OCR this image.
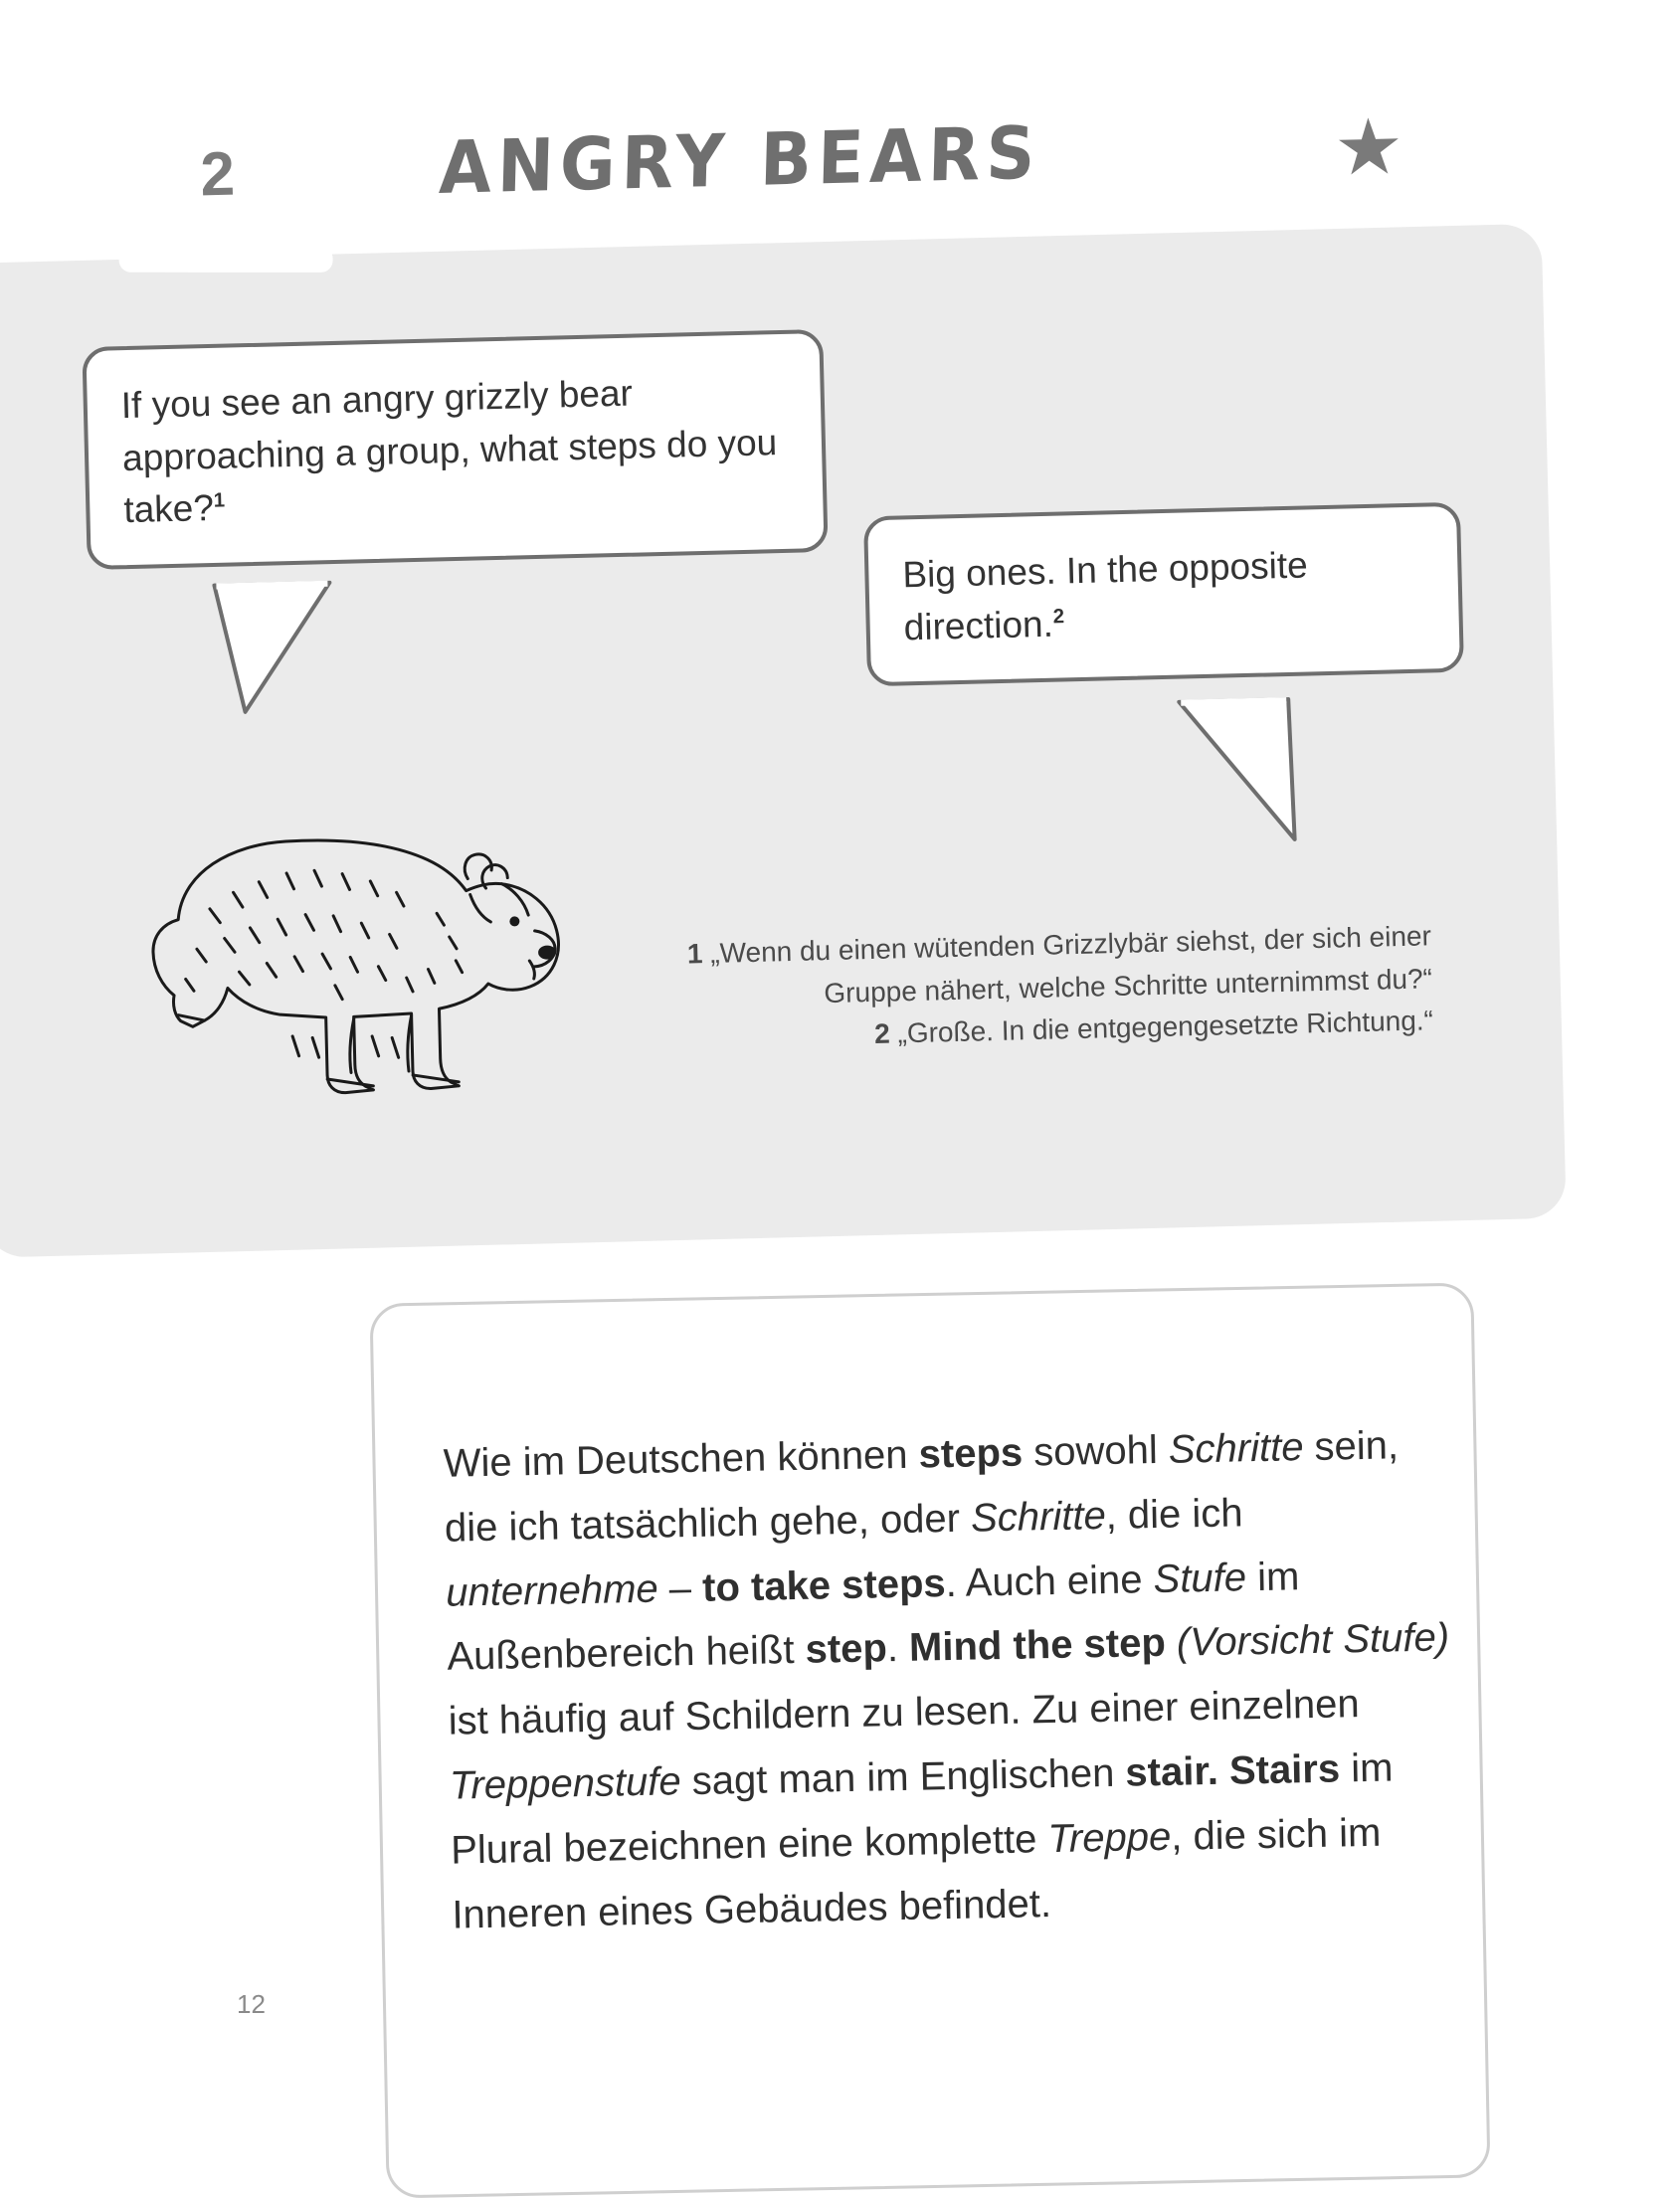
2	ANGRY BEARS	★
If you see an angry grizzly bear approaching a group, what steps do you take?$^1$
Big ones. In the opposite direction.$^2$
1 „Wenn du einen wütenden Grizzlybär siehst, der sich einer Gruppe nähert, welche Schritte unternimmst du?“
2 „Große. In die entgegengesetzte Richtung.“
Wie im Deutschen können steps sowohl Schritte sein, die ich tatsächlich gehe, oder Schritte, die ich unternehme – to take steps. Auch eine Stufe im Außenbereich heißt step. Mind the step (Vorsicht Stufe) ist häufig auf Schildern zu lesen. Zu einer einzelnen Treppenstufe sagt man im Englischen stair. Stairs im Plural bezeichnen eine komplette Treppe, die sich im Inneren eines Gebäudes befindet.
12
